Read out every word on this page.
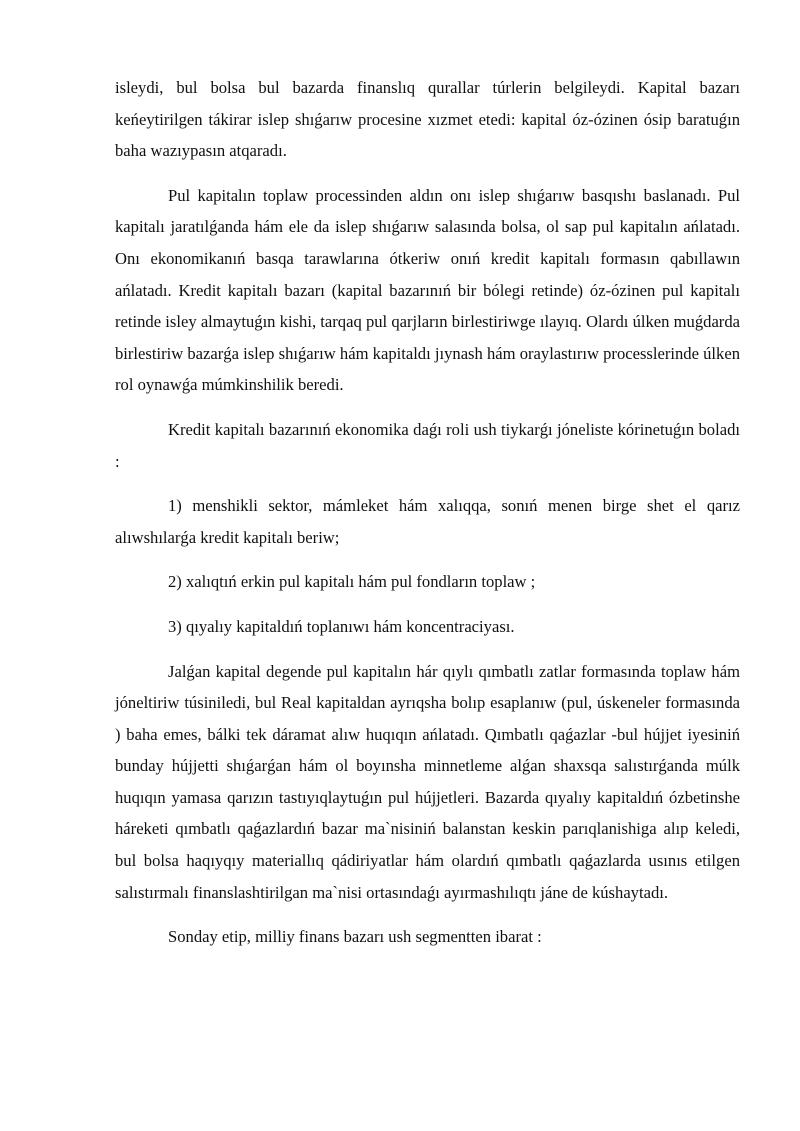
isleydi, bul bolsa bul bazarda finanslıq qurallar túrlerin belgileydi. Kapital bazarı keńeytirilgen tákirar islep shıǵarıw procesine xızmet etedi: kapital óz-ózinen ósip baratuǵın baha wazıypasın atqaradı.

Pul kapitalın toplaw processinden aldın onı islep shıǵarıw basqıshı baslanadı. Pul kapitalı jaratılǵanda hám ele da islep shıǵarıw salasında bolsa, ol sap pul kapitalın ańlatadı. Onı ekonomikanıń basqa tarawlarına ótkeriw onıń kredit kapitalı formasın qabıllawın ańlatadı. Kredit kapitalı bazarı (kapital bazarınıń bir bólegi retinde) óz-ózinen pul kapitalı retinde isley almaytuǵın kishi, tarqaq pul qarjların birlestiriwge ılayıq. Olardı úlken muǵdarda birlestiriw bazarǵa islep shıǵarıw hám kapitaldı jıynash hám oraylastırıw processlerinde úlken rol oynawǵa múmkinshilik beredi.

Kredit kapitalı bazarınıń ekonomika daǵı roli ush tiykarǵı jóneliste kórinetuǵın boladı :

1) menshikli sektor, mámleket hám xalıqqa, sonıń menen birge shet el qarız alıwshılarǵa kredit kapitalı beriw;

2) xalıqtıń erkin pul kapitalı hám pul fondların toplaw ;

3) qıyalıy kapitaldıń toplanıwı hám koncentraciyası.

Jalǵan kapital degende pul kapitalın hár qıylı qımbatlı zatlar formasında toplaw hám jóneltiriw túsiniledi, bul Real kapitaldan ayrıqsha bolıp esaplanıw (pul, úskeneler formasında ) baha emes, bálki tek dáramat alıw huqıqın ańlatadı. Qımbatlı qaǵazlar -bul hújjet iyesiniń bunday hújjetti shıǵarǵan hám ol boyınsha minnetleme alǵan shaxsqa salıstırǵanda múlk huqıqın yamasa qarızın tastıyıqlaytuǵın pul hújjetleri. Bazarda qıyalıy kapitaldıń ózbetinshe háreketi qımbatlı qaǵazlardıń bazar ma`nisiniń balanstan keskin parıqlanishiga alıp keledi, bul bolsa haqıyqıy materiallıq qádiriyatlar hám olardıń qımbatlı qaǵazlarda usınıs etilgen salıstırmalı finanslashtirilgan ma`nisi ortasındaǵı ayırmashılıqtı jáne de kúshaytadı.

Sonday etip, milliy finans bazarı ush segmentten ibarat :
